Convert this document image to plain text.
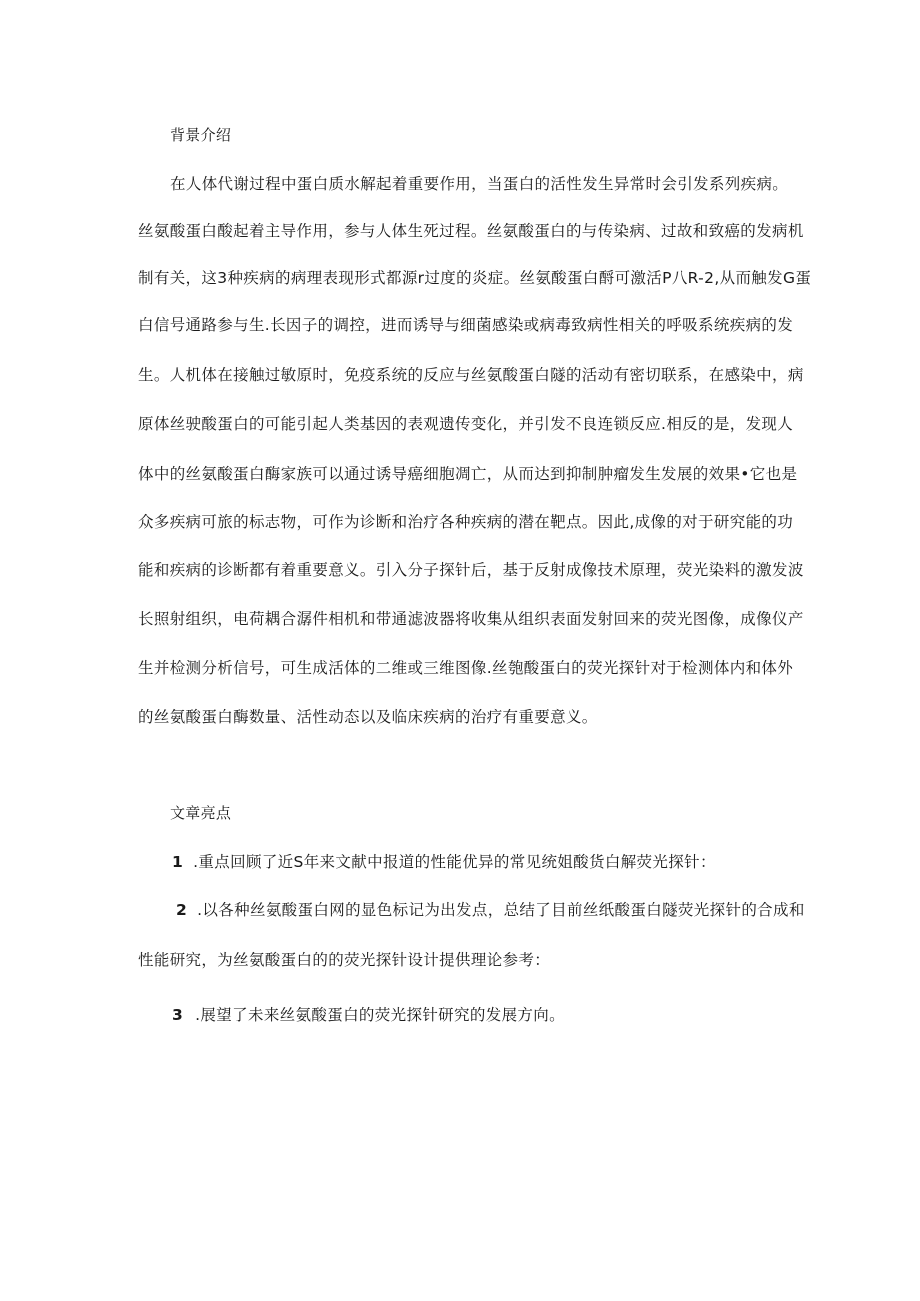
背景介绍
在人体代谢过程中蛋白质水解起着重要作用，当蛋白的活性发生异常时会引发系列疾病。
丝氨酸蛋白酸起着主导作用，参与人体生死过程。丝氨酸蛋白的与传染病、过故和致癌的发病机
制有关，这3种疾病的病理表现形式都源r过度的炎症。丝氨酸蛋白酹可激活P八R-2,从而触发G蛋
白信号通路参与生.长因子的调控，进而诱导与细菌感染或病毒致病性相关的呼吸系统疾病的发
生。人机体在接触过敏原时，免疫系统的反应与丝氨酸蛋白隧的活动有密切联系，在感染中，病
原体丝驶酸蛋白的可能引起人类基因的表观遗传变化，并引发不良连锁反应.相反的是，发现人
体中的丝氨酸蛋白酶家族可以通过诱导癌细胞凋亡，从而达到抑制肿瘤发生发展的效果•它也是
众多疾病可旅的标志物，可作为诊断和治疗各种疾病的潜在靶点。因此,成像的对于研究能的功
能和疾病的诊断都有着重要意义。引入分子探针后，基于反射成像技术原理，荧光染料的激发波
长照射组织，电荷耦合潺件相机和带通滤波器将收集从组织表面发射回来的荧光图像，成像仪产
生并检测分析信号，可生成活体的二维或三维图像.丝匏酸蛋白的荧光探针对于检测体内和体外
的丝氨酸蛋白酶数量、活性动态以及临床疾病的治疗有重要意义。
文章亮点
1 .重点回顾了近S年来文献中报道的性能优异的常见统姐酸货白解荧光探针：
2 .以各种丝氨酸蛋白网的显色标记为出发点，总结了目前丝纸酸蛋白隧荧光探针的合成和
性能研究，为丝氨酸蛋白的的荧光探针设计提供理论参考：
3 .展望了未来丝氨酸蛋白的荧光探针研究的发展方向。
